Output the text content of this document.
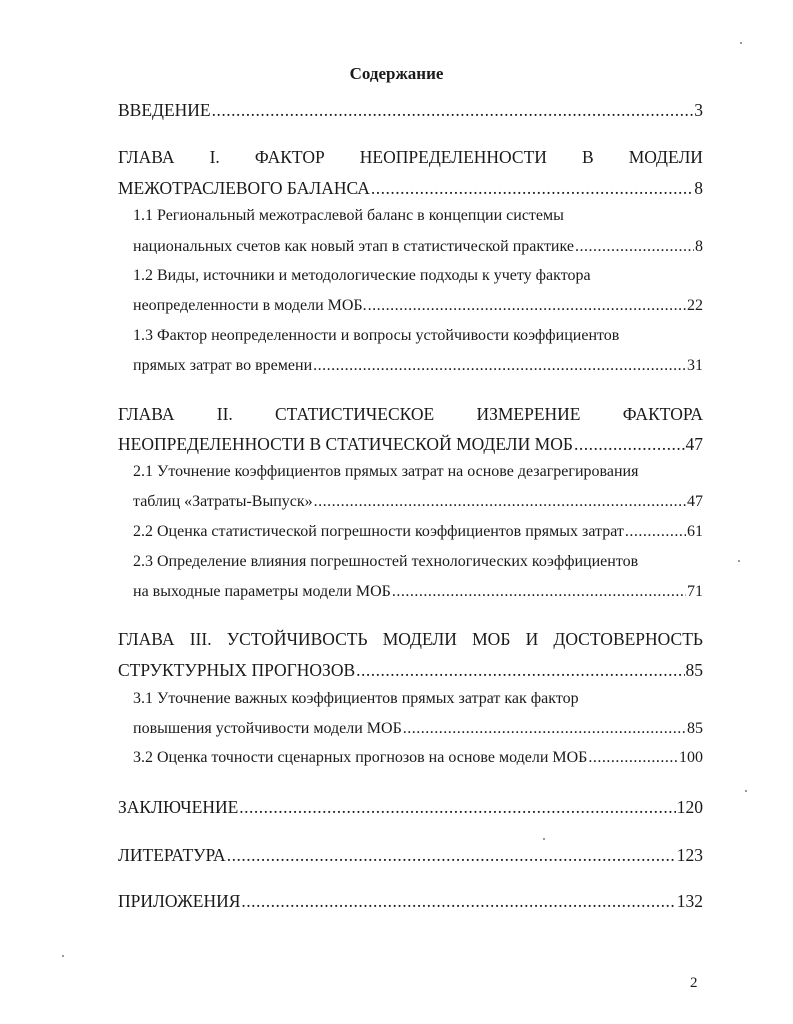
Содержание
ВВЕДЕНИЕ .....	3
ГЛАВА I. ФАКТОР НЕОПРЕДЕЛЕННОСТИ В МОДЕЛИ
МЕЖОТРАСЛЕВОГО БАЛАНСА .....	8
1.1 Региональный межотраслевой баланс в концепции системы
национальных счетов как новый этап в статистической практике .....	8
1.2 Виды, источники и методологические подходы к учету фактора
неопределенности в модели МОБ. .....	22
1.3 Фактор неопределенности и вопросы устойчивости коэффициентов
прямых затрат во времени .....	31
ГЛАВА II. СТАТИСТИЧЕСКОЕ ИЗМЕРЕНИЕ ФАКТОРА
НЕОПРЕДЕЛЕННОСТИ В СТАТИЧЕСКОЙ МОДЕЛИ МОБ .....	47
2.1 Уточнение коэффициентов прямых затрат на основе дезагрегирования
таблиц «Затраты-Выпуск» .....	47
2.2 Оценка статистической погрешности коэффициентов прямых затрат .....	61
2.3 Определение влияния погрешностей технологических коэффициентов
на выходные параметры модели МОБ .....	71
ГЛАВА III. УСТОЙЧИВОСТЬ МОДЕЛИ МОБ И ДОСТОВЕРНОСТЬ
СТРУКТУРНЫХ ПРОГНОЗОВ .....	85
3.1 Уточнение важных коэффициентов прямых затрат как фактор
повышения устойчивости модели МОБ .....	85
3.2 Оценка точности сценарных прогнозов на основе модели МОБ .....	100
ЗАКЛЮЧЕНИЕ .....	120
ЛИТЕРАТУРА .....	123
ПРИЛОЖЕНИЯ .....	132
2
